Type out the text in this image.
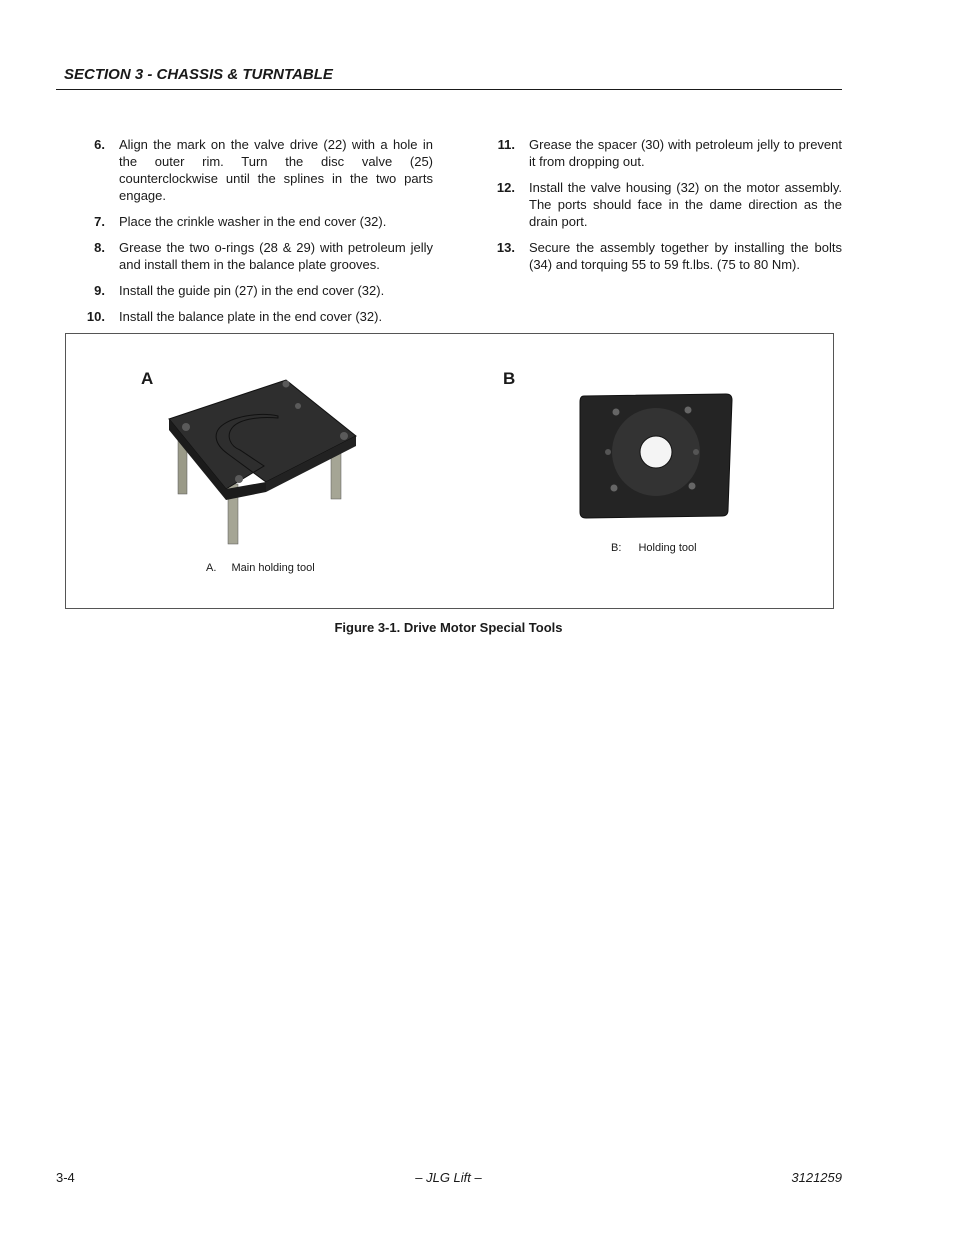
SECTION 3 - CHASSIS & TURNTABLE
6.	Align the mark on the valve drive (22) with a hole in the outer rim. Turn the disc valve (25) counterclockwise until the splines in the two parts engage.
7.	Place the crinkle washer in the end cover (32).
8.	Grease the two o-rings (28 & 29) with petroleum jelly and install them in the balance plate grooves.
9.	Install the guide pin (27) in the end cover (32).
10.	Install the balance plate in the end cover (32).
11.	Grease the spacer (30) with petroleum jelly to prevent it from dropping out.
12.	Install the valve housing (32) on the motor assembly. The ports should face in the dame direction as the drain port.
13.	Secure the assembly together by installing the bolts (34) and torquing 55 to 59 ft.lbs. (75 to 80 Nm).
A	B
A. Main holding tool
B: Holding tool
Figure 3-1. Drive Motor Special Tools
3-4	– JLG Lift –	3121259
